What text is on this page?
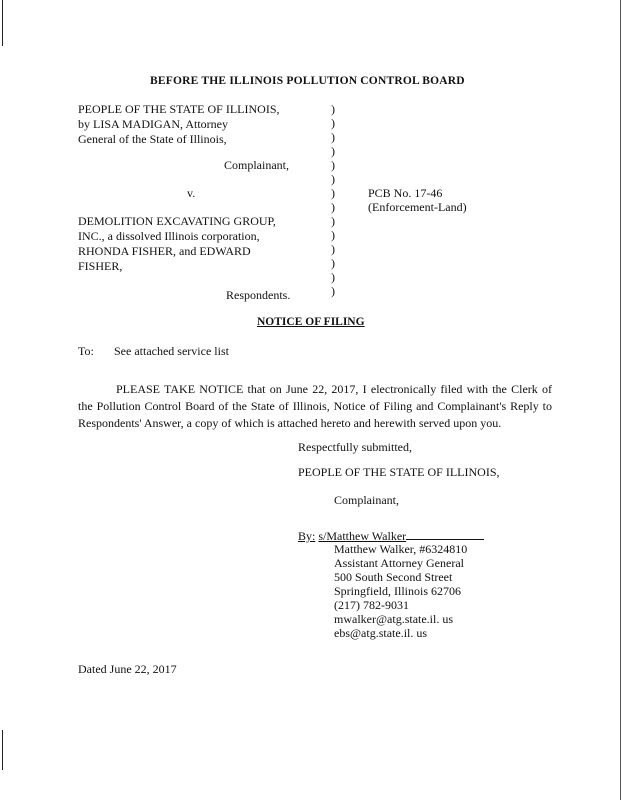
BEFORE THE ILLINOIS POLLUTION CONTROL BOARD
PEOPLE OF THE STATE OF ILLINOIS,
by LISA MADIGAN, Attorney
General of the State of Illinois,
Complainant,
v.	PCB No. 17-46
(Enforcement-Land)
DEMOLITION EXCAVATING GROUP,
INC., a dissolved Illinois corporation,
RHONDA FISHER, and EDWARD
FISHER,
Respondents.
)
)
)
)
)
)
)
)
)
)
)
)
)
)
NOTICE OF FILING
To: See attached service list
PLEASE TAKE NOTICE that on June 22, 2017, I electronically filed with the Clerk of the Pollution Control Board of the State of Illinois, Notice of Filing and Complainant's Reply to Respondents' Answer, a copy of which is attached hereto and herewith served upon you.
Respectfully submitted,
PEOPLE OF THE STATE OF ILLINOIS,
Complainant,
By: s/Matthew Walker
Matthew Walker, #6324810
Assistant Attorney General
500 South Second Street
Springfield, Illinois 62706
(217) 782-9031
mwalker@atg.state.il. us
ebs@atg.state.il. us
Dated June 22, 2017
